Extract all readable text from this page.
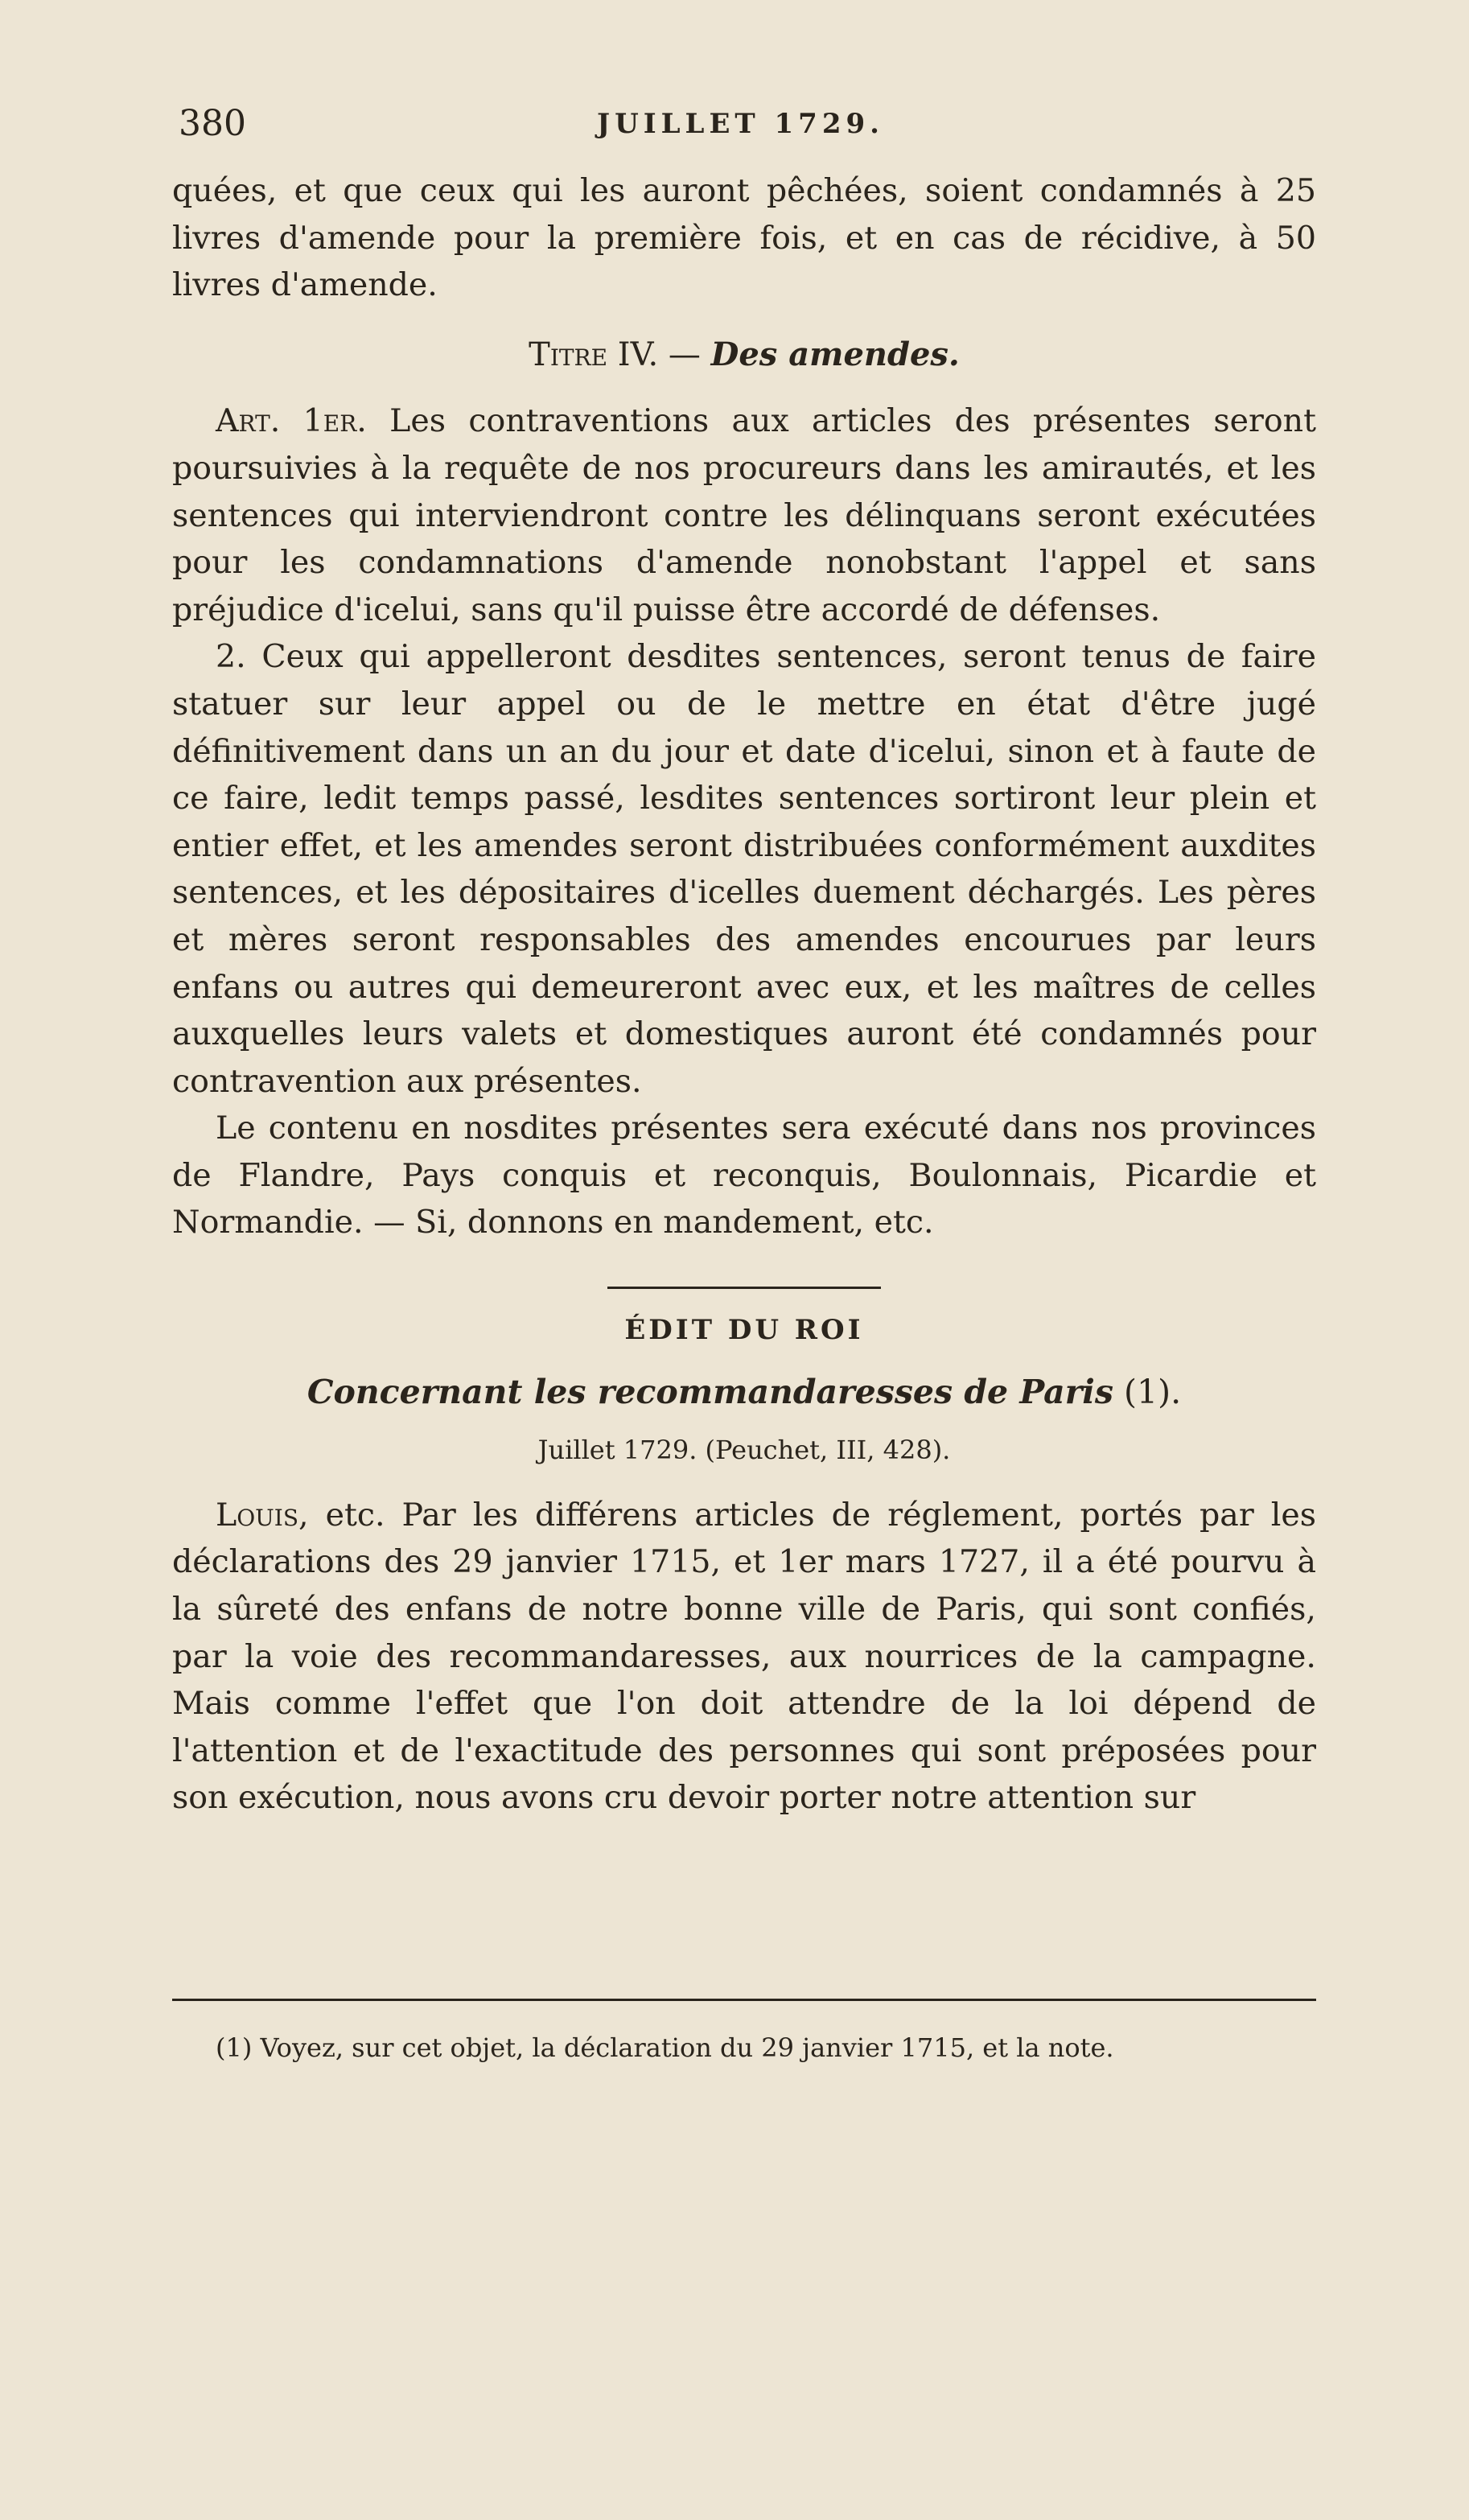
380	JUILLET 1729.

quées, et que ceux qui les auront pêchées, soient condamnés à 25 livres d'amende pour la première fois, et en cas de récidive, à 50 livres d'amende.

Titre IV. — Des amendes.

Art. 1er. Les contraventions aux articles des présentes seront poursuivies à la requête de nos procureurs dans les amirautés, et les sentences qui interviendront contre les délinquans seront exécutées pour les condamnations d'amende nonobstant l'appel et sans préjudice d'icelui, sans qu'il puisse être accordé de défenses.

2. Ceux qui appelleront desdites sentences, seront tenus de faire statuer sur leur appel ou de le mettre en état d'être jugé définitivement dans un an du jour et date d'icelui, sinon et à faute de ce faire, ledit temps passé, lesdites sentences sortiront leur plein et entier effet, et les amendes seront distribuées conformément auxdites sentences, et les dépositaires d'icelles duement déchargés. Les pères et mères seront responsables des amendes encourues par leurs enfans ou autres qui demeureront avec eux, et les maîtres de celles auxquelles leurs valets et domestiques auront été condamnés pour contravention aux présentes.

Le contenu en nosdites présentes sera exécuté dans nos provinces de Flandre, Pays conquis et reconquis, Boulonnais, Picardie et Normandie. — Si, donnons en mandement, etc.

ÉDIT DU ROI

Concernant les recommandaresses de Paris (1).

Juillet 1729. (Peuchet, III, 428).

Louis, etc. Par les différens articles de réglement, portés par les déclarations des 29 janvier 1715, et 1er mars 1727, il a été pourvu à la sûreté des enfans de notre bonne ville de Paris, qui sont confiés, par la voie des recommandaresses, aux nourrices de la campagne. Mais comme l'effet que l'on doit attendre de la loi dépend de l'attention et de l'exactitude des personnes qui sont préposées pour son exécution, nous avons cru devoir porter notre attention sur

(1) Voyez, sur cet objet, la déclaration du 29 janvier 1715, et la note.
